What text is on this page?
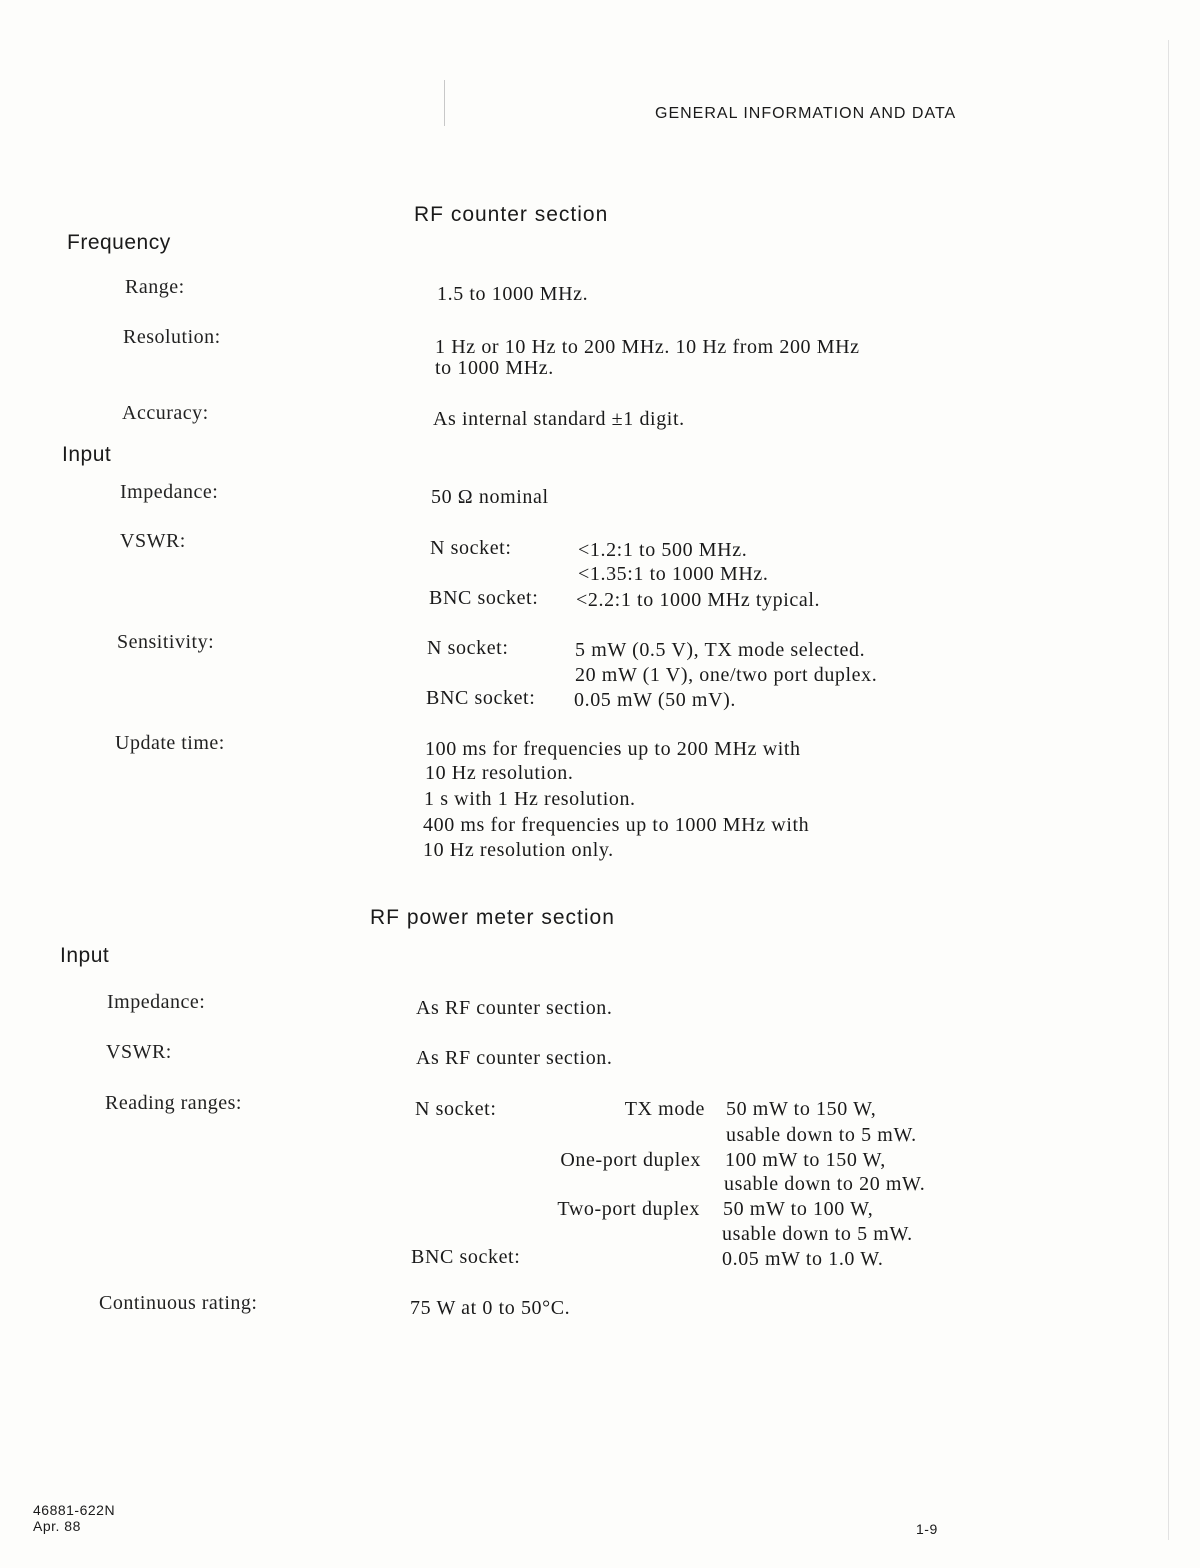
GENERAL INFORMATION AND DATA
RF counter section
Frequency
Range:	1.5 to 1000 MHz.
Resolution:	1 Hz or 10 Hz to 200 MHz. 10 Hz from 200 MHz
to 1000 MHz.
Accuracy:	As internal standard ±1 digit.
Input
Impedance:	50 Ω nominal
VSWR:	N socket:	<1.2:1 to 500 MHz.
<1.35:1 to 1000 MHz.
BNC socket: <2.2:1 to 1000 MHz typical.
Sensitivity:	N socket:	5 mW (0.5 V), TX mode selected.
20 mW (1 V), one/two port duplex.
BNC socket: 0.05 mW (50 mV).
Update time:	100 ms for frequencies up to 200 MHz with
10 Hz resolution.
1 s with 1 Hz resolution.
400 ms for frequencies up to 1000 MHz with
10 Hz resolution only.
RF power meter section
Input
Impedance:	As RF counter section.
VSWR:	As RF counter section.
Reading ranges:	N socket:	TX mode 50 mW to 150 W,
usable down to 5 mW.
One-port duplex 100 mW to 150 W,
usable down to 20 mW.
Two-port duplex 50 mW to 100 W,
usable down to 5 mW.
BNC socket:	0.05 mW to 1.0 W.
Continuous rating:	75 W at 0 to 50°C.
46881-622N
Apr. 88	1-9
